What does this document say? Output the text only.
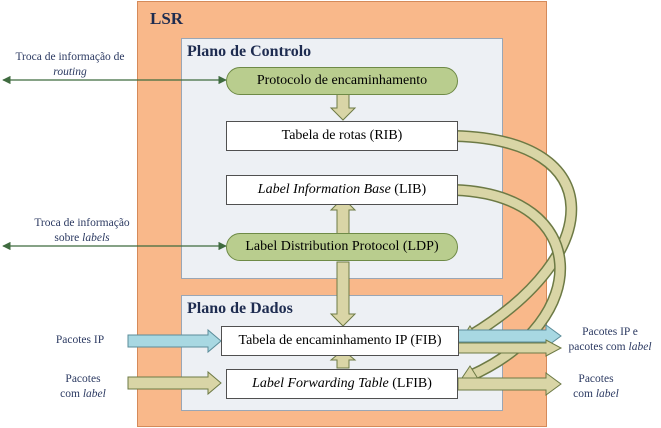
LSR
Plano de Controlo
Plano de Dados
Protocolo de encaminhamento
Tabela de rotas (RIB)
Label Information Base (LIB)
Label Distribution Protocol (LDP)
Tabela de encaminhamento IP (FIB)
Label Forwarding Table (LFIB)
Troca de informação de
routing
Troca de informação
sobre labels
Pacotes IP
Pacotes
com label
Pacotes IP e
pacotes com label
Pacotes
com label
